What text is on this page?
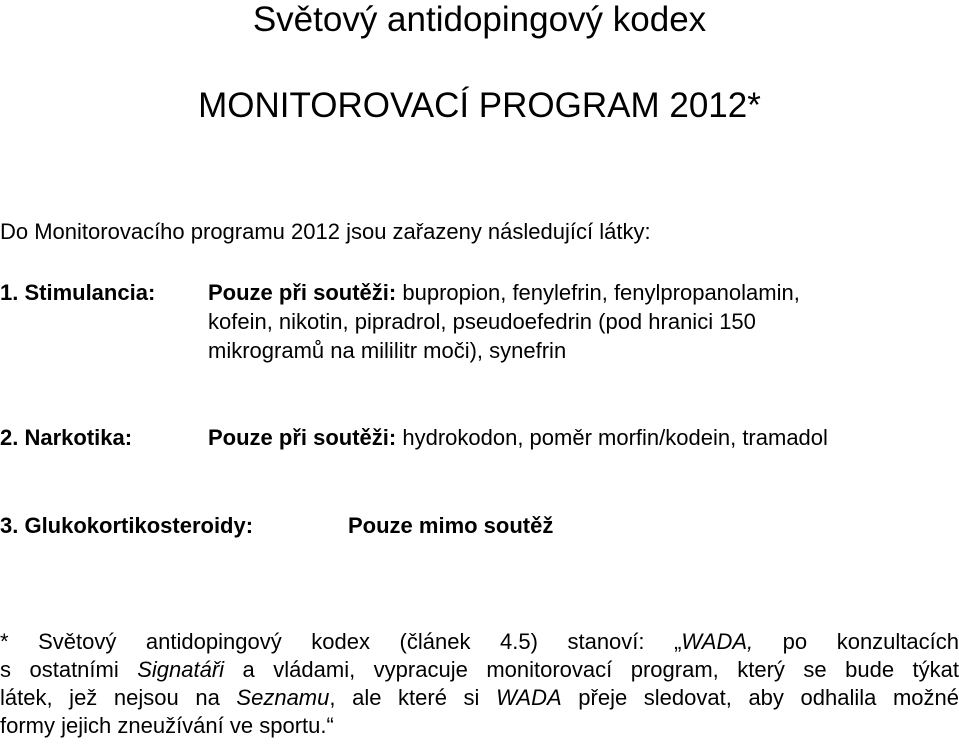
Světový antidopingový kodex
MONITOROVACÍ PROGRAM 2012*
Do Monitorovacího programu 2012 jsou zařazeny následující látky:
1. Stimulancia: Pouze při soutěži: bupropion, fenylefrin, fenylpropanolamin,
kofein, nikotin, pipradrol, pseudoefedrin (pod hranici 150
mikrogramů na mililitr moči), synefrin
2. Narkotika:	Pouze při soutěži: hydrokodon, poměr morfin/kodein, tramadol
3. Glukokortikosteroidy:	Pouze mimo soutěž
* Světový antidopingový kodex (článek 4.5) stanoví: „WADA, po konzultacích
s ostatními Signatáři a vládami, vypracuje monitorovací program, který se bude týkat
látek, jež nejsou na Seznamu, ale které si WADA přeje sledovat, aby odhalila možné
formy jejich zneužívání ve sportu.“
